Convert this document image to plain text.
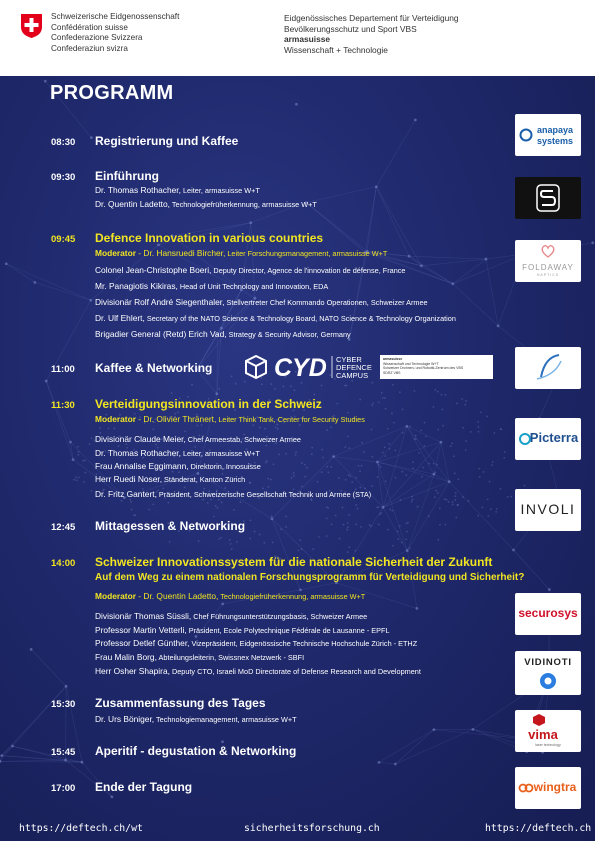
Schweizerische Eidgenossenschaft
Confédération suisse
Confederazione Svizzera
Confederaziun svizra
Eidgenössisches Departement für Verteidigung
Bevölkerungsschutz und Sport VBS
armasuisse
Wissenschaft + Technologie
PROGRAMM
08:30 Registrierung und Kaffee
09:30 Einführung
Dr. Thomas Rothacher, Leiter, armasuisse W+T
Dr. Quentin Ladetto, Technologiefrüherkennung, armasuisse W+T
09:45 Defence Innovation in various countries
Moderator - Dr. Hansruedi Bircher, Leiter Forschungsmanagement, armasuisse W+T
Colonel Jean-Christophe Boeri, Deputy Director, Agence de l'innovation de défense, France
Mr. Panagiotis Kikiras, Head of Unit Technology and Innovation, EDA
Divisionär Rolf André Siegenthaler, Stellvertreter Chef Kommando Operationen, Schweizer Armee
Dr. Ulf Ehlert, Secretary of the NATO Science & Technology Board, NATO Science & Technology Organization
Brigadier General (Retd) Erich Vad, Strategy & Security Advisor, Germany
11:00 Kaffee & Networking CYD CYBER
DEFENCE
CAMPUS
armasuisse
Wissenschaft und Technologie W+T
Schweizer Drohnen- und Robotik-Zentrum des VBS
SDRZ VBS
11:30 Verteidigungsinnovation in der Schweiz
Moderator - Dr. Olivier Thränert, Leiter Think Tank, Center for Security Studies
Divisionär Claude Meier, Chef Armeestab, Schweizer Armee
Dr. Thomas Rothacher, Leiter, armasuisse W+T
Frau Annalise Eggimann, Direktorin, Innosuisse
Herr Ruedi Noser, Ständerat, Kanton Zürich
Dr. Fritz Gantert, Präsident, Schweizerische Gesellschaft Technik und Armee (STA)
12:45 Mittagessen & Networking
14:00 Schweizer Innovationssystem für die nationale Sicherheit der Zukunft
Auf dem Weg zu einem nationalen Forschungsprogramm für Verteidigung und Sicherheit?
Moderator - Dr. Quentin Ladetto, Technologiefrüherkennung, armasuisse W+T
Divisionär Thomas Süssli, Chef Führungsunterstützungsbasis, Schweizer Armee
Professor Martin Vetterli, Präsident, Ecole Polytechnique Fédérale de Lausanne - EPFL
Professor Detlef Günther, Vizepräsident, Eidgenössische Technische Hochschule Zürich - ETHZ
Frau Malin Borg, Abteilungsleiterin, Swissnex Netzwerk - SBFI
Herr Osher Shapira, Deputy CTO, Israeli MoD Directorate of Defense Research and Development
15:30 Zusammenfassung des Tages
Dr. Urs Böniger, Technologiemanagement, armasuisse W+T
15:45 Aperitif - degustation & Networking
17:00 Ende der Tagung
anapaya
systems
FOLDAWAY
HAPTICS
Picterra
INVOLI
securosys
VIDINOTI
vima
laser technology
wingtra
https://deftech.ch/wt	sicherheitsforschung.ch	https://deftech.ch
